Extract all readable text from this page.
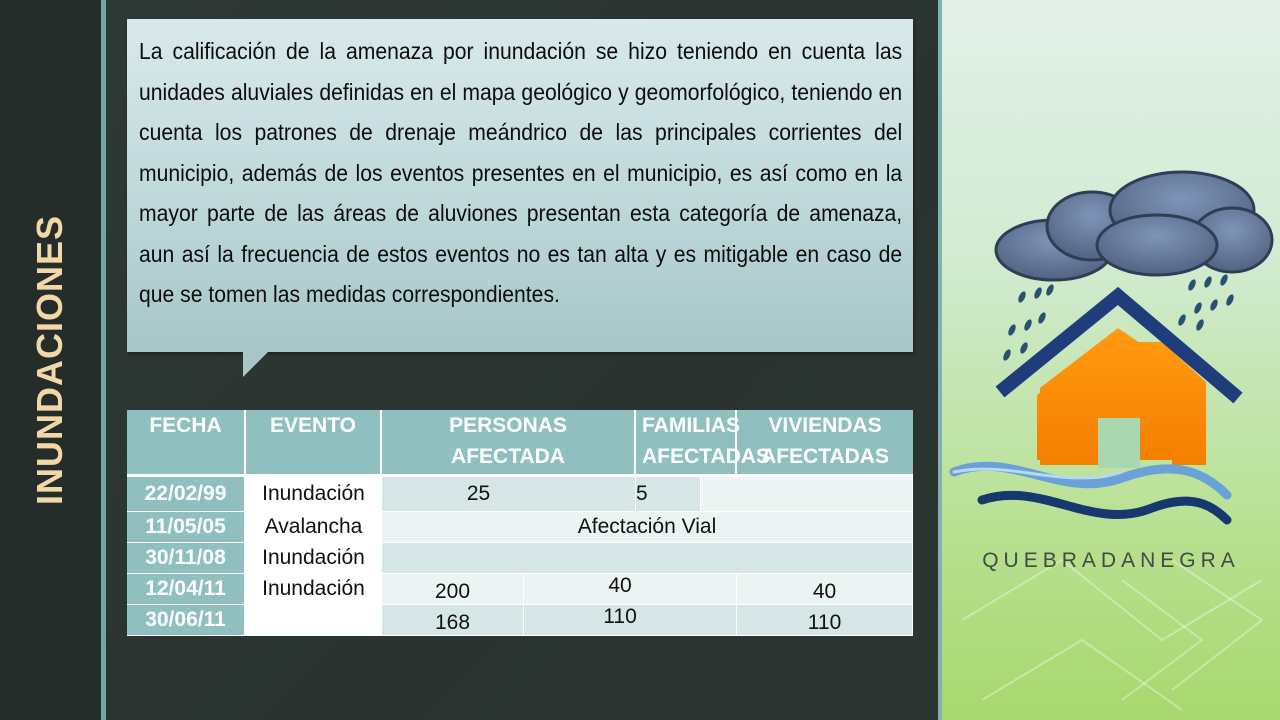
INUNDACIONES

La calificación de la amenaza por inundación se hizo teniendo en cuenta las unidades aluviales definidas en el mapa geológico y geomorfológico, teniendo en cuenta los patrones de drenaje meándrico de las principales corrientes del municipio, además de los eventos presentes en el municipio, es así como en la mayor parte de las áreas de aluviones presentan esta categoría de amenaza, aun así la frecuencia de estos eventos no es tan alta y es mitigable en caso de que se tomen las medidas correspondientes.

FECHA	EVENTO	PERSONAS AFECTADA		FAMILIAS AFECTADAS		VIVIENDAS AFECTADAS
22/02/99	Inundación	25		5		
11/05/05	Avalancha	Afectación Vial				
30/11/08	Inundación					
12/04/11	Inundación	200	40			40
30/06/11		168	110			110
QUEBRADANEGRA
